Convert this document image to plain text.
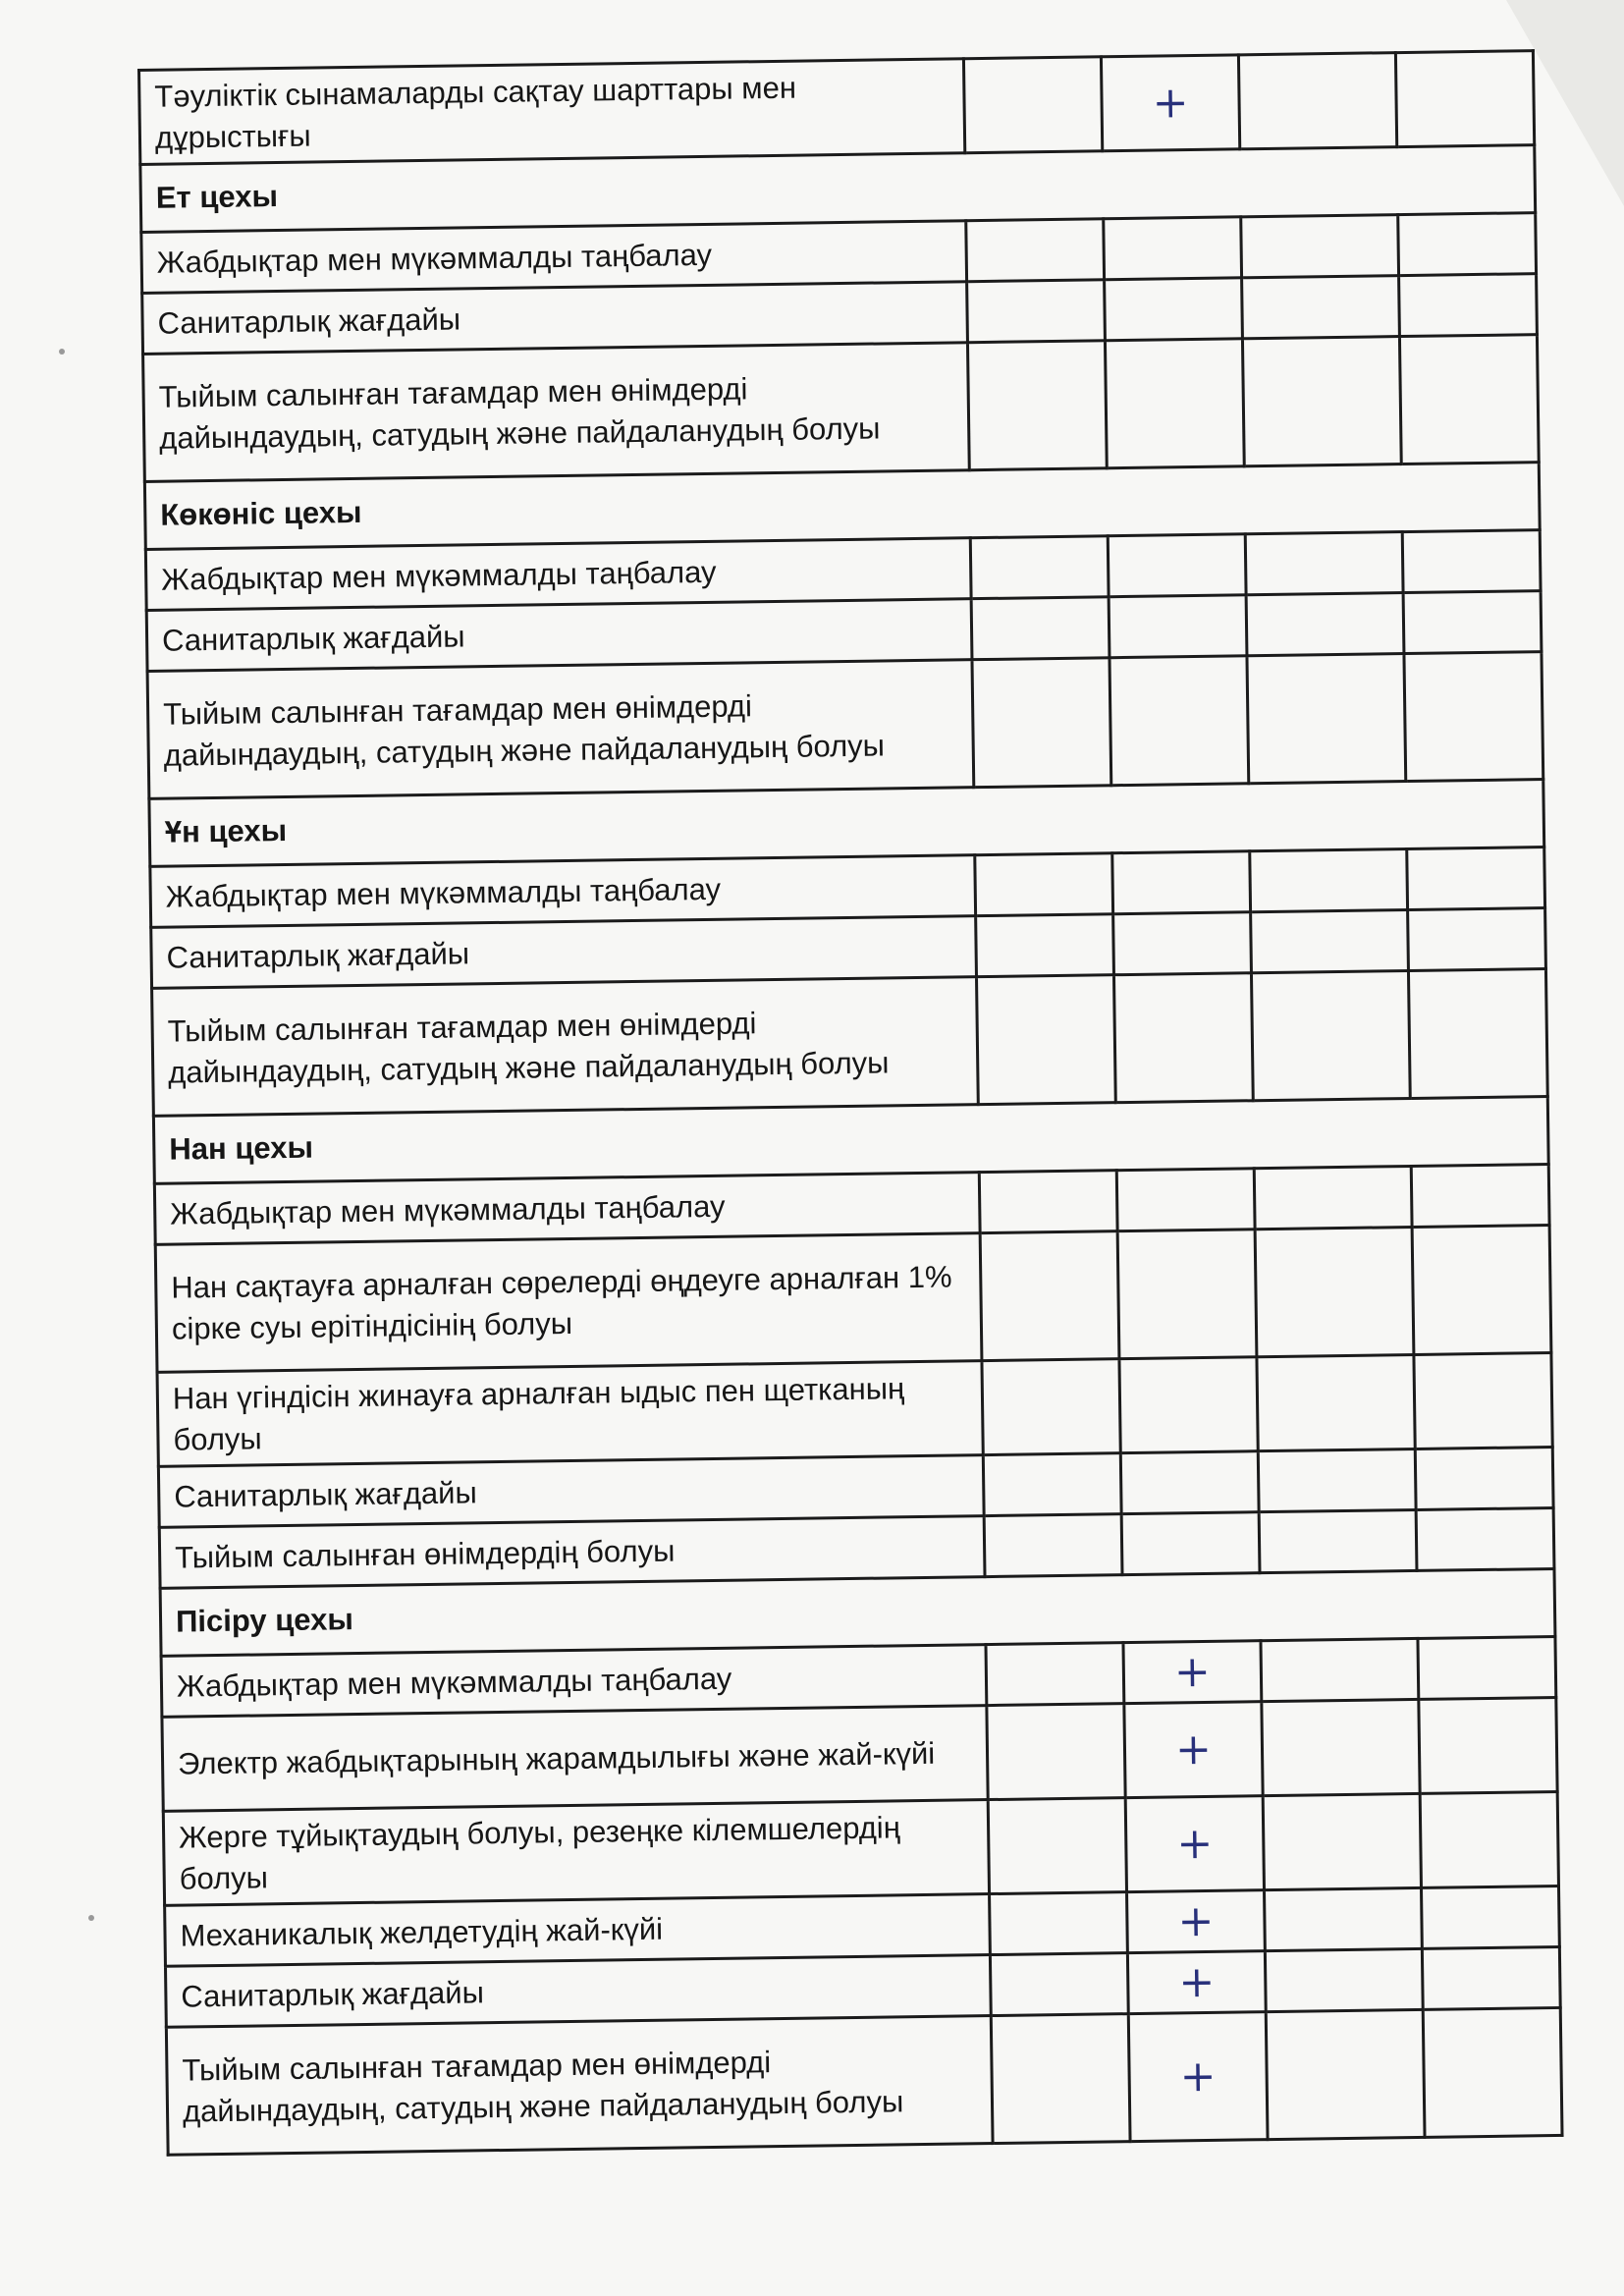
Тәуліктік сынамаларды сақтау шарттары мен дұрыстығы		+		
Ет цехы				
Жабдықтар мен мүкәммалды таңбалау				
Санитарлық жағдайы				
Тыйым салынған тағамдар мен өнімдерді дайындаудың, сатудың және пайдаланудың болуы				
Көкөніс цехы				
Жабдықтар мен мүкәммалды таңбалау				
Санитарлық жағдайы				
Тыйым салынған тағамдар мен өнімдерді дайындаудың, сатудың және пайдаланудың болуы				
Ұн цехы				
Жабдықтар мен мүкәммалды таңбалау				
Санитарлық жағдайы				
Тыйым салынған тағамдар мен өнімдерді дайындаудың, сатудың және пайдаланудың болуы				
Нан цехы				
Жабдықтар мен мүкәммалды таңбалау				
Нан сақтауға арналған сөрелерді өңдеуге арналған 1% сірке суы ерітіндісінің болуы				
Нан үгіндісін жинауға арналған ыдыс пен щетканың болуы				
Санитарлық жағдайы				
Тыйым салынған өнімдердің болуы				
Пісіру цехы				
Жабдықтар мен мүкәммалды таңбалау		+		
Электр жабдықтарының жарамдылығы және жай-күйі		+		
Жерге тұйықтаудың болуы, резеңке кілемшелердің болуы		+		
Механикалық желдетудің жай-күйі		+		
Санитарлық жағдайы		+		
Тыйым салынған тағамдар мен өнімдерді дайындаудың, сатудың және пайдаланудың болуы		+		
